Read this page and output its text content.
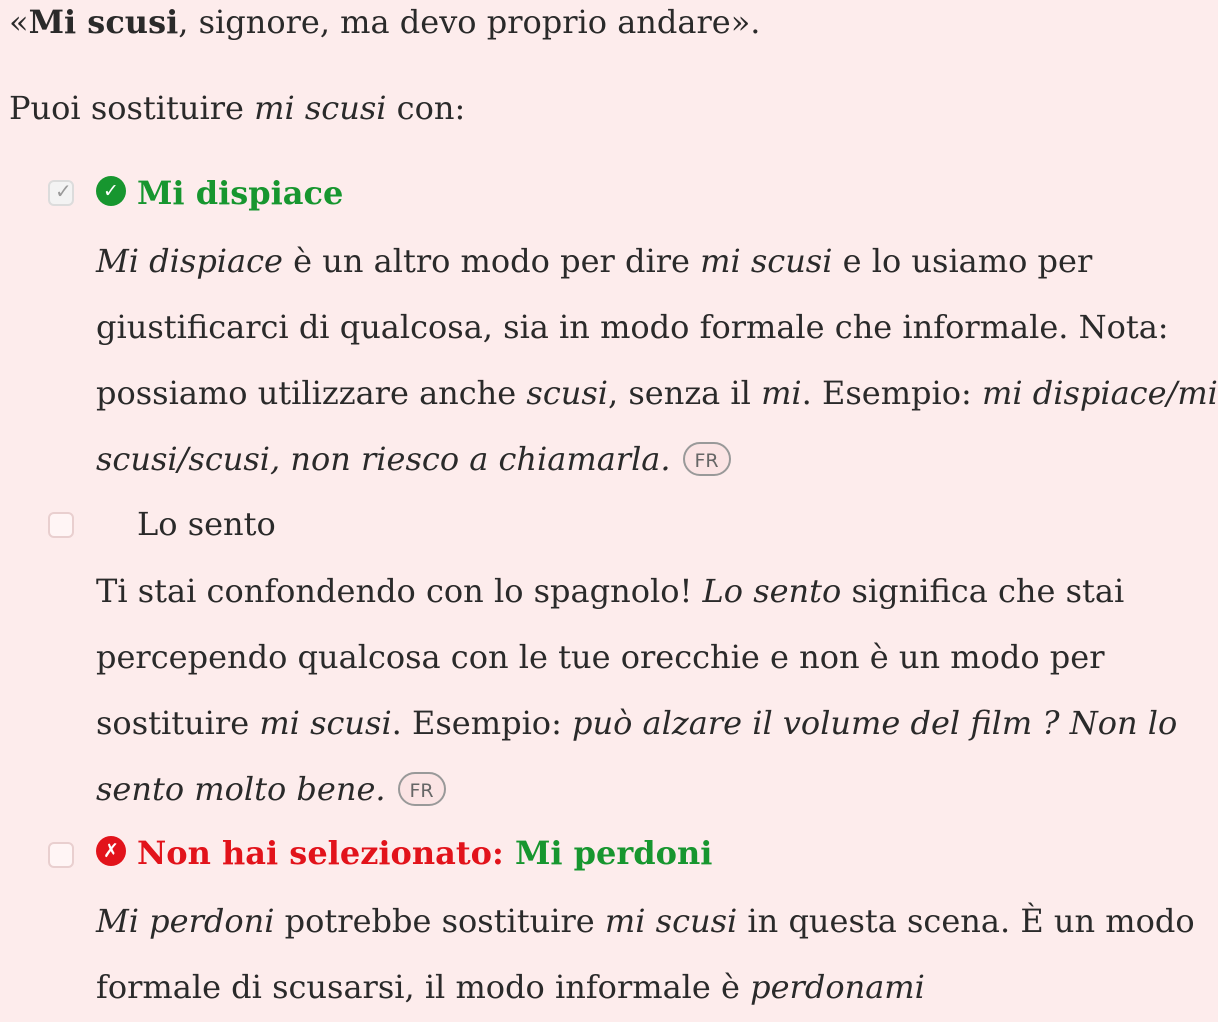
«Mi scusi, signore, ma devo proprio andare».
Puoi sostituire mi scusi con:
✓	✓ Mi dispiace
Mi dispiace è un altro modo per dire mi scusi e lo usiamo per
giustificarci di qualcosa, sia in modo formale che informale. Nota:
possiamo utilizzare anche scusi, senza il mi. Esempio: mi dispiace/mi
scusi/scusi, non riesco a chiamarla. FR
Lo sento
Ti stai confondendo con lo spagnolo! Lo sento significa che stai
percependo qualcosa con le tue orecchie e non è un modo per
sostituire mi scusi. Esempio: può alzare il volume del film ? Non lo
sento molto bene. FR
✗ Non hai selezionato: Mi perdoni
Mi perdoni potrebbe sostituire mi scusi in questa scena. È un modo
formale di scusarsi, il modo informale è perdonami
